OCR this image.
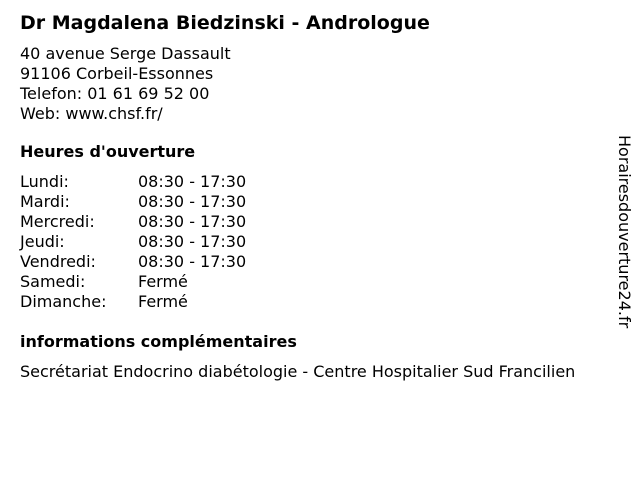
Dr Magdalena Biedzinski - Andrologue
40 avenue Serge Dassault
91106 Corbeil-Essonnes
Telefon: 01 61 69 52 00
Web: www.chsf.fr/
Heures d'ouverture
Lundi:	08:30 - 17:30
Mardi:	08:30 - 17:30
Mercredi:	08:30 - 17:30
Jeudi:	08:30 - 17:30
Vendredi:	08:30 - 17:30
Samedi:	Fermé
Dimanche:	Fermé
informations complémentaires
Secrétariat Endocrino diabétologie - Centre Hospitalier Sud Francilien
Horairesdouverture24.fr
